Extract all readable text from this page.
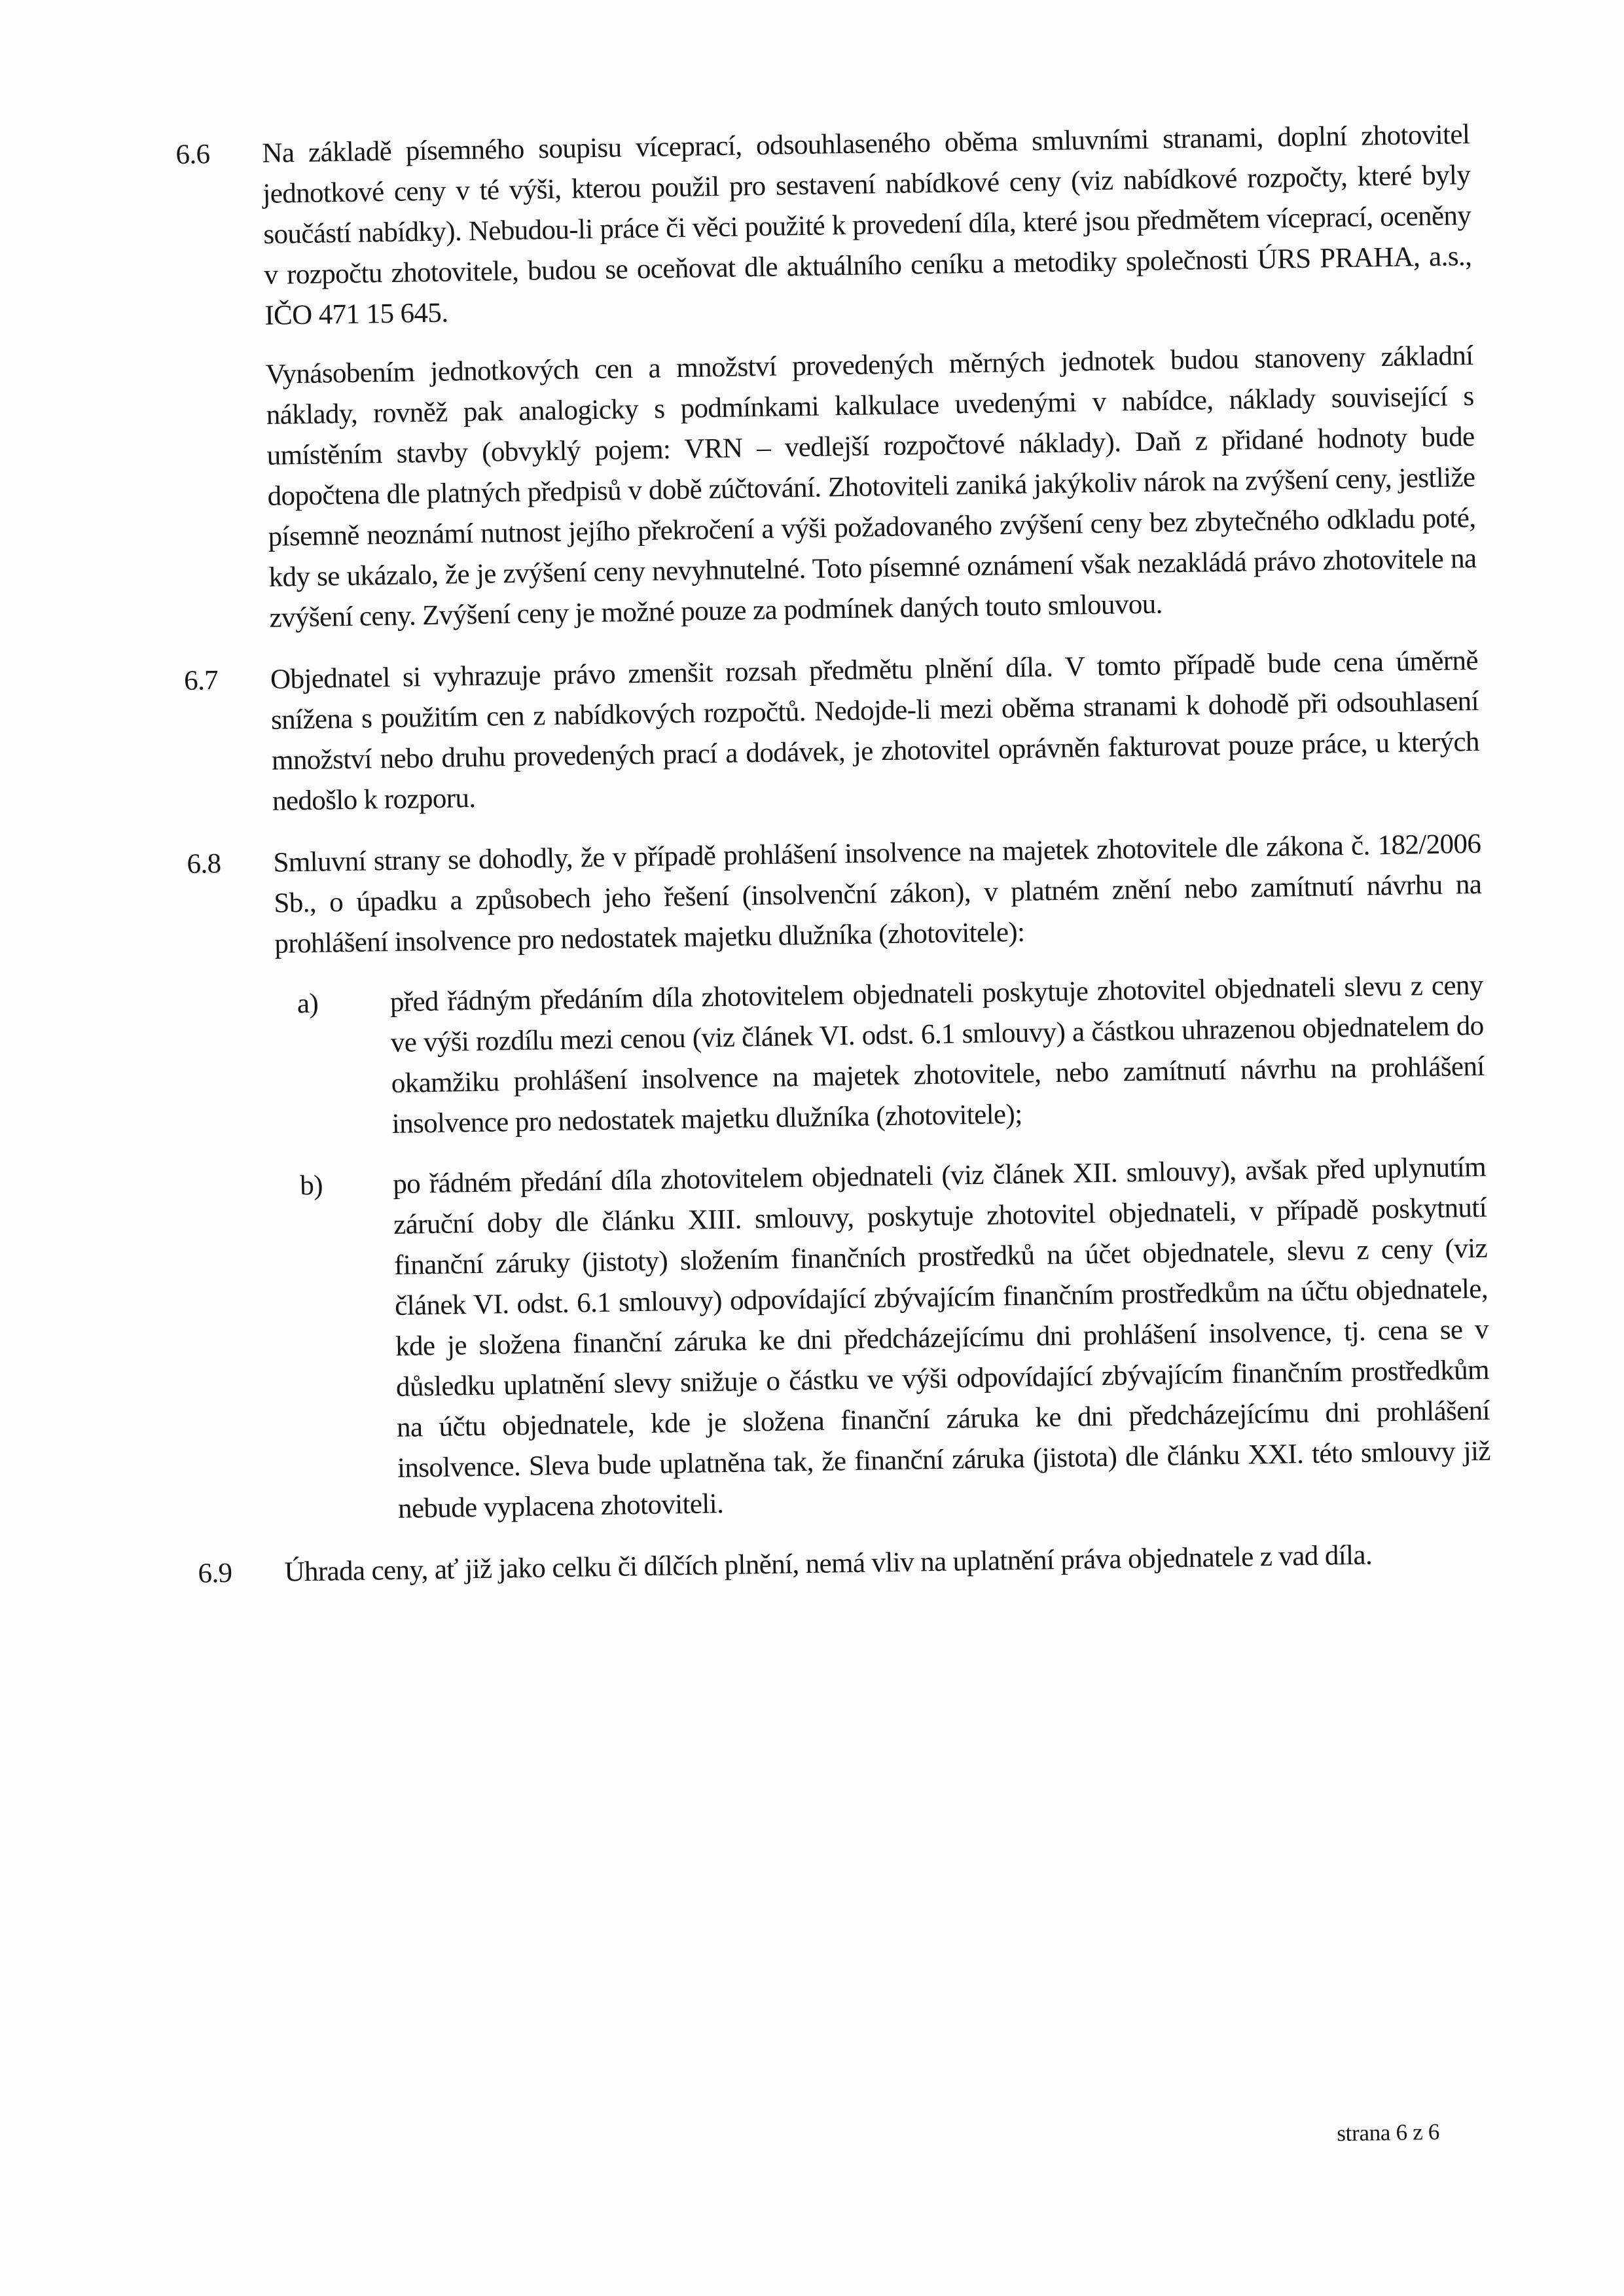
6.6	Na základě písemného soupisu víceprací, odsouhlaseného oběma smluvními stranami, doplní zhotovitel jednotkové ceny v té výši, kterou použil pro sestavení nabídkové ceny (viz nabídkové rozpočty, které byly součástí nabídky). Nebudou-li práce či věci použité k provedení díla, které jsou předmětem víceprací, oceněny v rozpočtu zhotovitele, budou se oceňovat dle aktuálního ceníku a metodiky společnosti ÚRS PRAHA, a.s., IČO 471 15 645.
Vynásobením jednotkových cen a množství provedených měrných jednotek budou stanoveny základní náklady, rovněž pak analogicky s podmínkami kalkulace uvedenými v nabídce, náklady související s umístěním stavby (obvyklý pojem: VRN – vedlejší rozpočtové náklady). Daň z přidané hodnoty bude dopočtena dle platných předpisů v době zúčtování. Zhotoviteli zaniká jakýkoliv nárok na zvýšení ceny, jestliže písemně neoznámí nutnost jejího překročení a výši požadovaného zvýšení ceny bez zbytečného odkladu poté, kdy se ukázalo, že je zvýšení ceny nevyhnutelné. Toto písemné oznámení však nezakládá právo zhotovitele na zvýšení ceny. Zvýšení ceny je možné pouze za podmínek daných touto smlouvou.
6.7	Objednatel si vyhrazuje právo zmenšit rozsah předmětu plnění díla. V tomto případě bude cena úměrně snížena s použitím cen z nabídkových rozpočtů. Nedojde-li mezi oběma stranami k dohodě při odsouhlasení množství nebo druhu provedených prací a dodávek, je zhotovitel oprávněn fakturovat pouze práce, u kterých nedošlo k rozporu.
6.8	Smluvní strany se dohodly, že v případě prohlášení insolvence na majetek zhotovitele dle zákona č. 182/2006 Sb., o úpadku a způsobech jeho řešení (insolvenční zákon), v platném znění nebo zamítnutí návrhu na prohlášení insolvence pro nedostatek majetku dlužníka (zhotovitele):
a)	před řádným předáním díla zhotovitelem objednateli poskytuje zhotovitel objednateli slevu z ceny ve výši rozdílu mezi cenou (viz článek VI. odst. 6.1 smlouvy) a částkou uhrazenou objednatelem do okamžiku prohlášení insolvence na majetek zhotovitele, nebo zamítnutí návrhu na prohlášení insolvence pro nedostatek majetku dlužníka (zhotovitele);
b)	po řádném předání díla zhotovitelem objednateli (viz článek XII. smlouvy), avšak před uplynutím záruční doby dle článku XIII. smlouvy, poskytuje zhotovitel objednateli, v případě poskytnutí finanční záruky (jistoty) složením finančních prostředků na účet objednatele, slevu z ceny (viz článek VI. odst. 6.1 smlouvy) odpovídající zbývajícím finančním prostředkům na účtu objednatele, kde je složena finanční záruka ke dni předcházejícímu dni prohlášení insolvence, tj. cena se v důsledku uplatnění slevy snižuje o částku ve výši odpovídající zbývajícím finančním prostředkům na účtu objednatele, kde je složena finanční záruka ke dni předcházejícímu dni prohlášení insolvence. Sleva bude uplatněna tak, že finanční záruka (jistota) dle článku XXI. této smlouvy již nebude vyplacena zhotoviteli.
6.9	Úhrada ceny, ať již jako celku či dílčích plnění, nemá vliv na uplatnění práva objednatele z vad díla.
strana 6 z 6
